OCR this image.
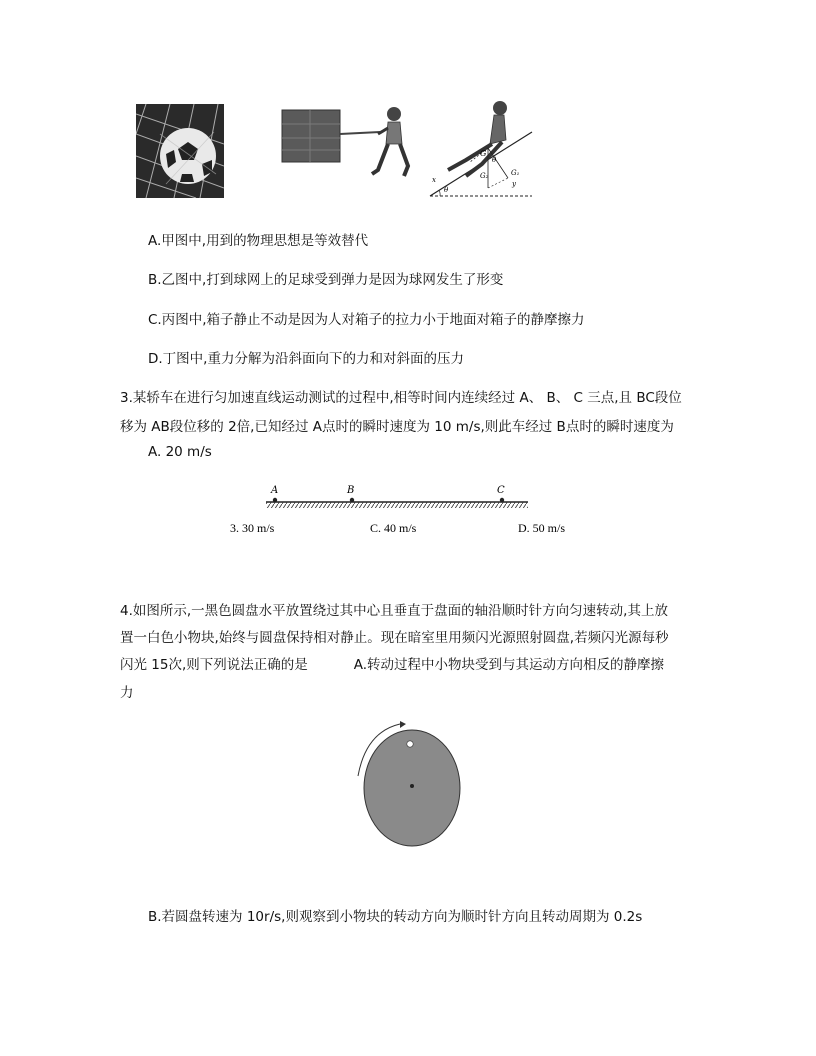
G
G₁
G₂
θ
θ
x	y
A.甲图中,用到的物理思想是等效替代
B.乙图中,打到球网上的足球受到弹力是因为球网发生了形变
C.丙图中,箱子静止不动是因为人对箱子的拉力小于地面对箱子的静摩擦力
D.丁图中,重力分解为沿斜面向下的力和对斜面的压力
3.某轿车在进行匀加速直线运动测试的过程中,相等时间内连续经过 A、 B、 C 三点,且 BC段位
移为 AB段位移的 2倍,已知经过 A点时的瞬时速度为 10 m/s,则此车经过 B点时的瞬时速度为
A. 20 m/s
A	B	C
3. 30 m/s	C. 40 m/s	D. 50 m/s
4.如图所示,一黑色圆盘水平放置绕过其中心且垂直于盘面的轴沿顺时针方向匀速转动,其上放
置一白色小物块,始终与圆盘保持相对静止。现在暗室里用频闪光源照射圆盘,若频闪光源每秒
闪光 15次,则下列说法正确的是	A.转动过程中小物块受到与其运动方向相反的静摩擦
力
B.若圆盘转速为 10r/s,则观察到小物块的转动方向为顺时针方向且转动周期为 0.2s
